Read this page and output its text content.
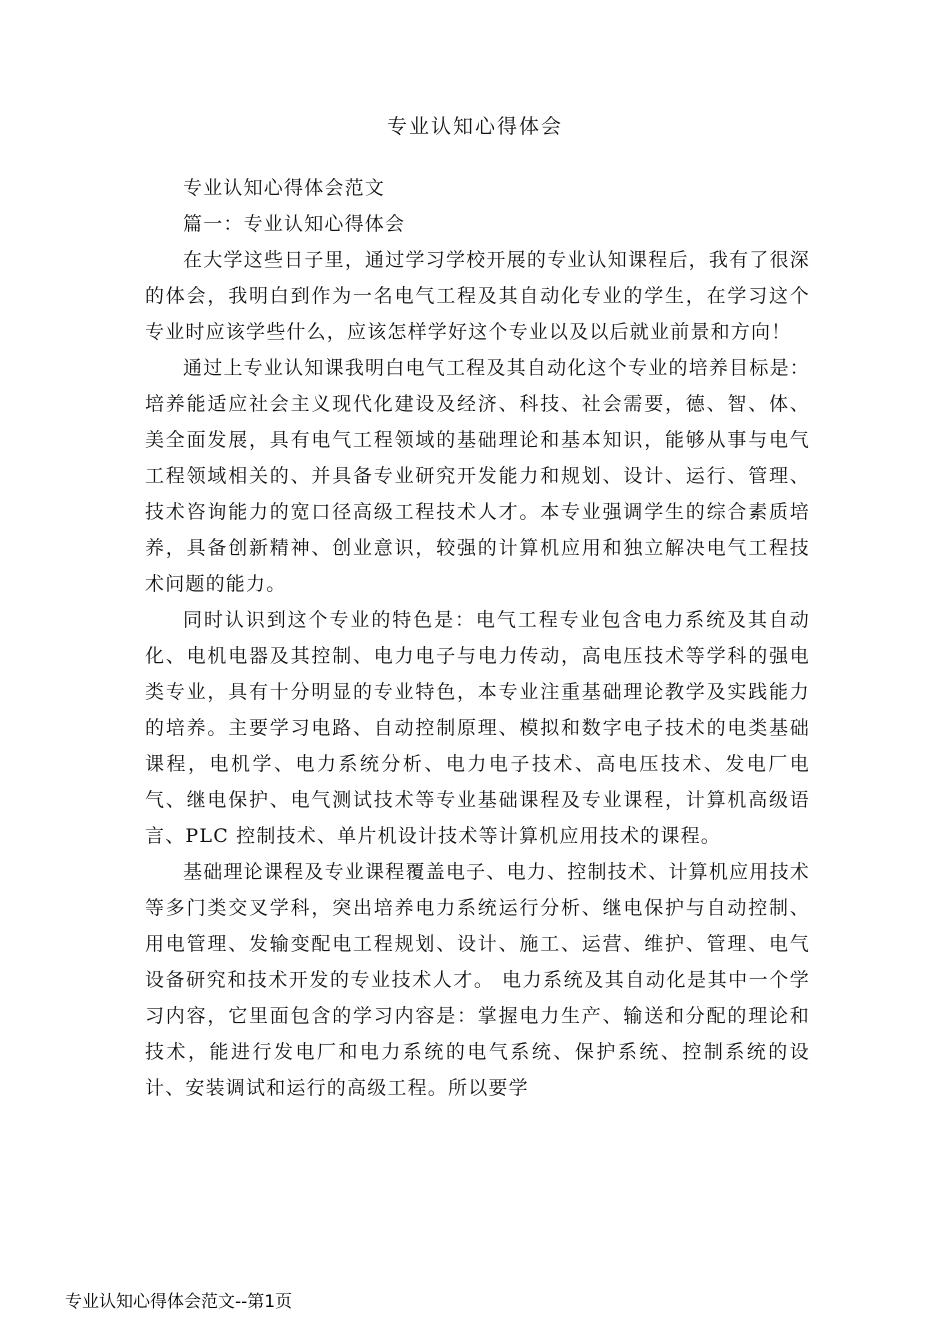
专业认知心得体会

专业认知心得体会范文

篇一：专业认知心得体会

在大学这些日子里，通过学习学校开展的专业认知课程后，我有了很深的体会，我明白到作为一名电气工程及其自动化专业的学生，在学习这个专业时应该学些什么，应该怎样学好这个专业以及以后就业前景和方向！

通过上专业认知课我明白电气工程及其自动化这个专业的培养目标是：培养能适应社会主义现代化建设及经济、科技、社会需要，德、智、体、美全面发展，具有电气工程领域的基础理论和基本知识，能够从事与电气工程领域相关的、并具备专业研究开发能力和规划、设计、运行、管理、技术咨询能力的宽口径高级工程技术人才。本专业强调学生的综合素质培养，具备创新精神、创业意识，较强的计算机应用和独立解决电气工程技术问题的能力。

同时认识到这个专业的特色是：电气工程专业包含电力系统及其自动化、电机电器及其控制、电力电子与电力传动，高电压技术等学科的强电类专业，具有十分明显的专业特色，本专业注重基础理论教学及实践能力的培养。主要学习电路、自动控制原理、模拟和数字电子技术的电类基础课程，电机学、电力系统分析、电力电子技术、高电压技术、发电厂电气、继电保护、电气测试技术等专业基础课程及专业课程，计算机高级语言、PLC 控制技术、单片机设计技术等计算机应用技术的课程。

基础理论课程及专业课程覆盖电子、电力、控制技术、计算机应用技术等多门类交叉学科，突出培养电力系统运行分析、继电保护与自动控制、用电管理、发输变配电工程规划、设计、施工、运营、维护、管理、电气设备研究和技术开发的专业技术人才。 电力系统及其自动化是其中一个学习内容，它里面包含的学习内容是：掌握电力生产、输送和分配的理论和技术，能进行发电厂和电力系统的电气系统、保护系统、控制系统的设计、安装调试和运行的高级工程。所以要学

专业认知心得体会范文--第1页
